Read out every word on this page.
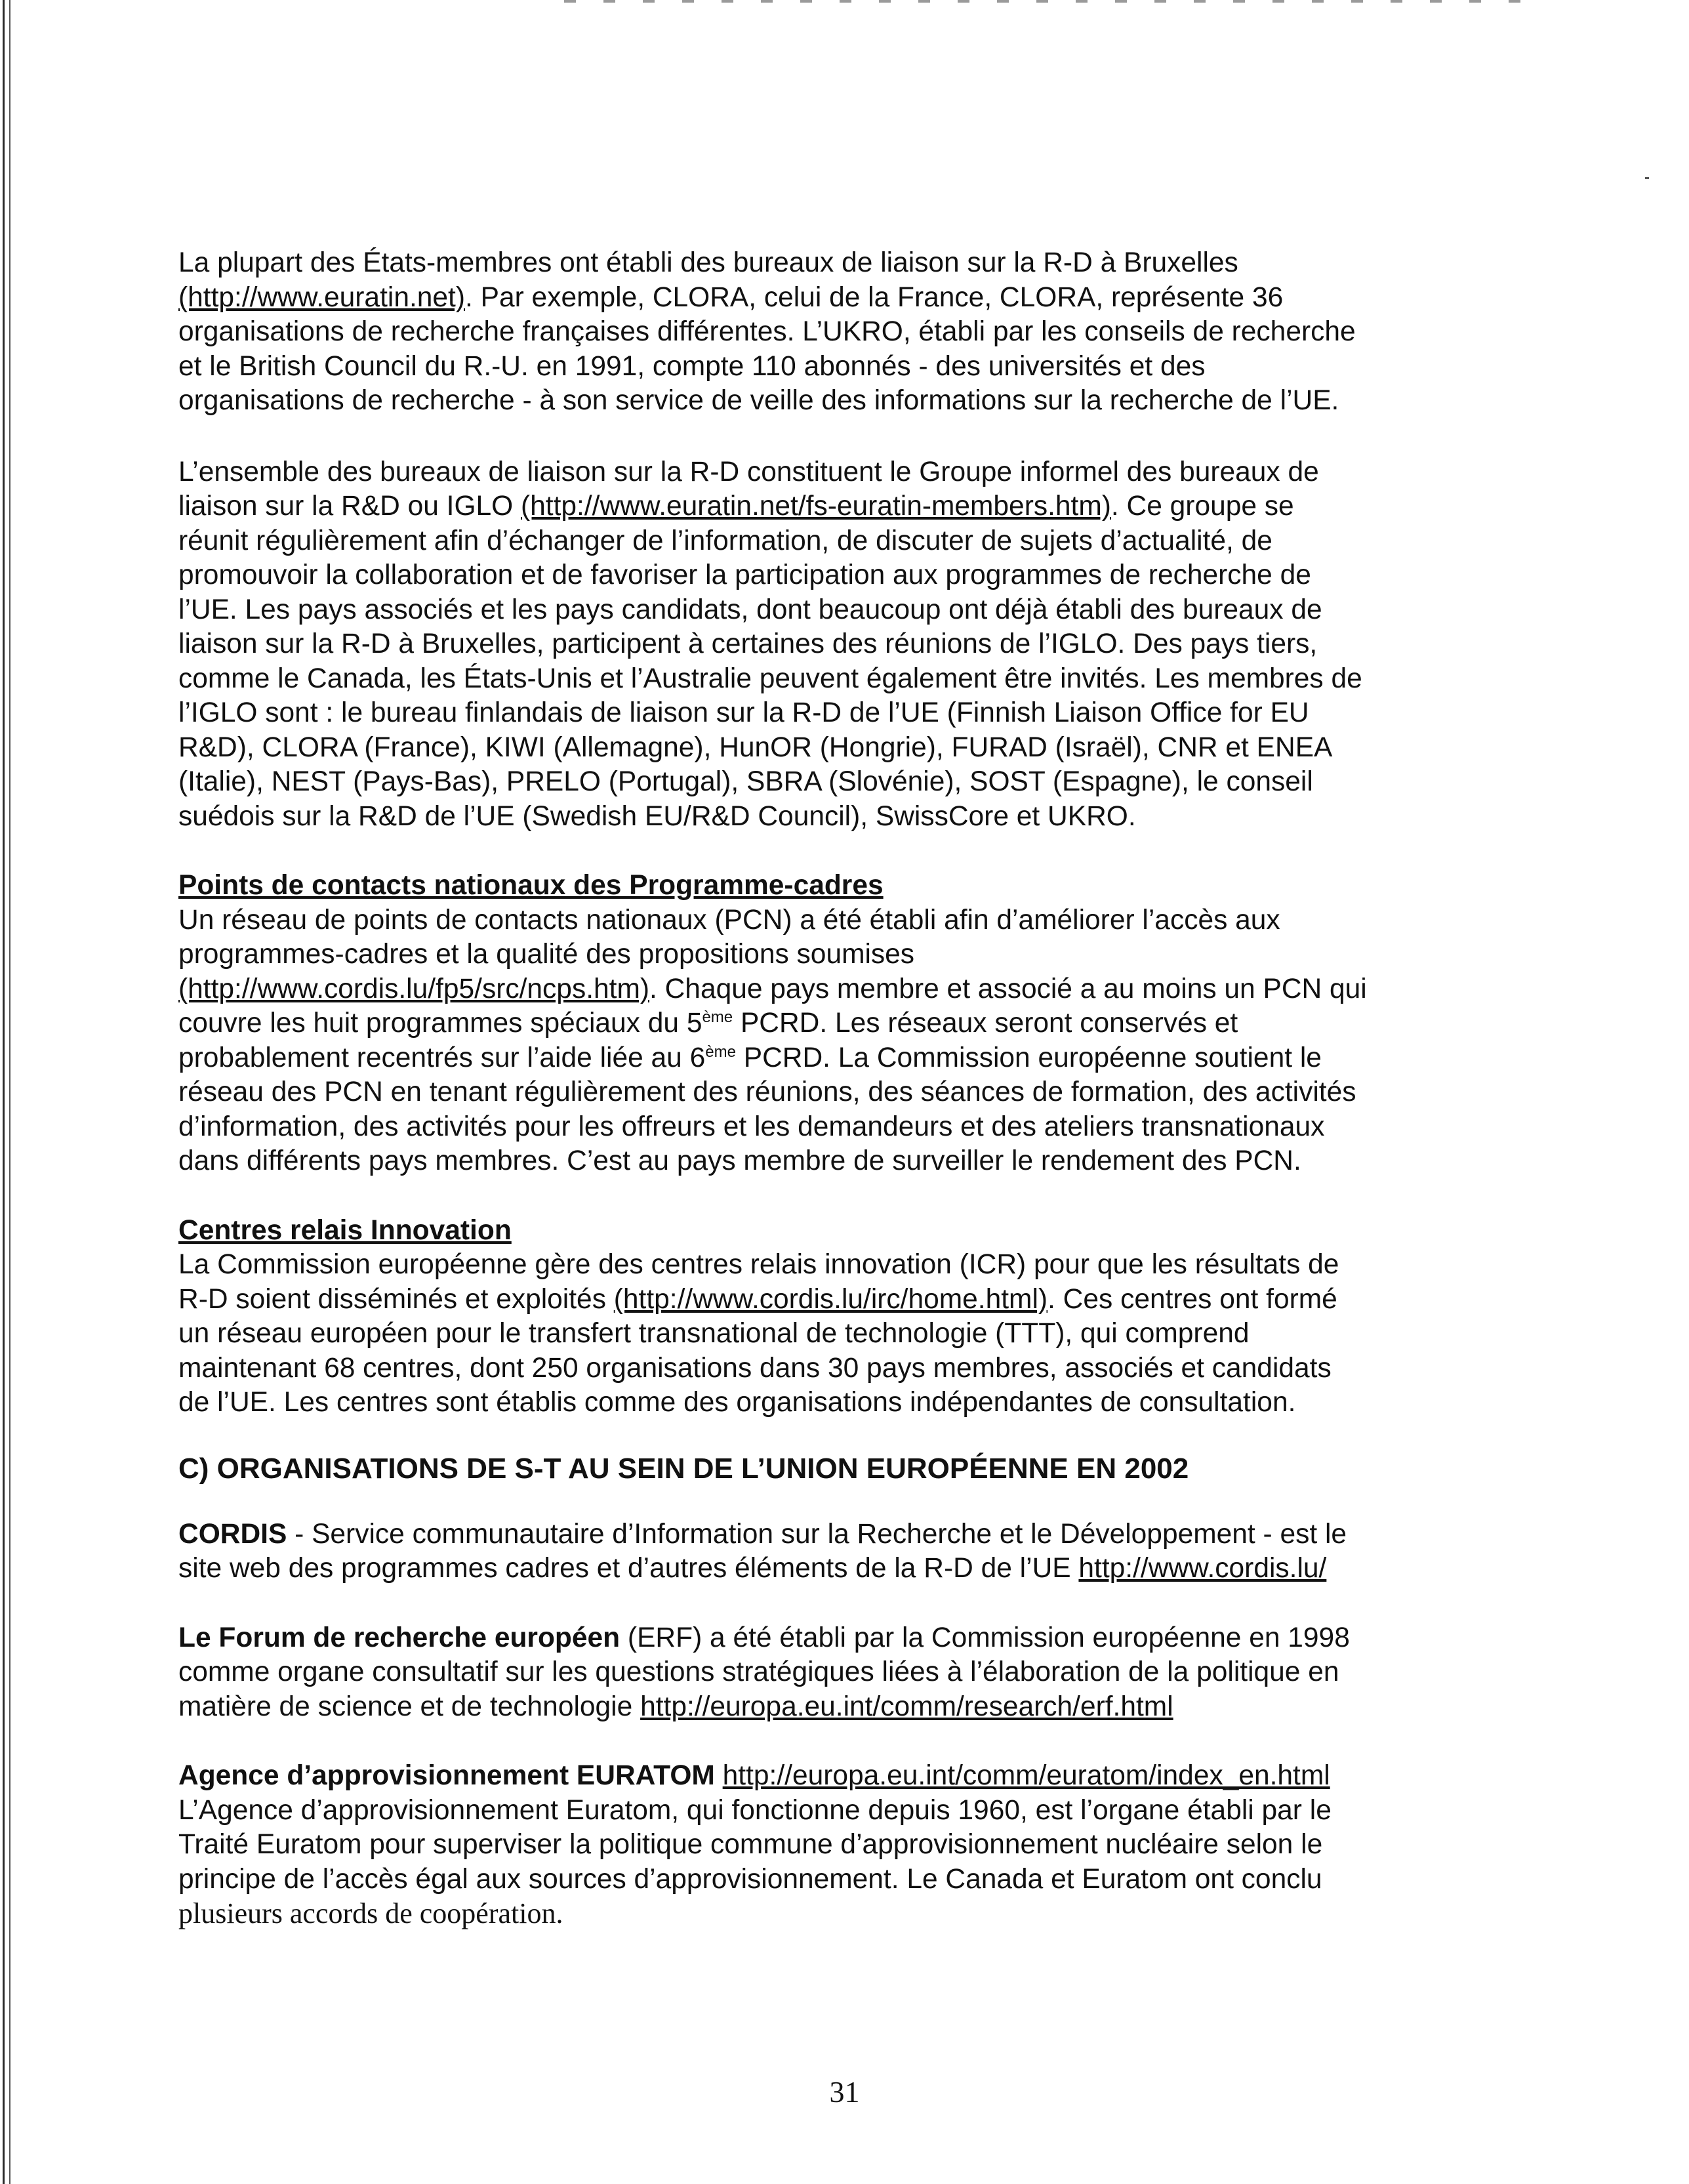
La plupart des États-membres ont établi des bureaux de liaison sur la R-D à Bruxelles
(http://www.euratin.net). Par exemple, CLORA, celui de la France, CLORA, représente 36
organisations de recherche françaises différentes. L’UKRO, établi par les conseils de recherche
et le British Council du R.-U. en 1991, compte 110 abonnés - des universités et des
organisations de recherche - à son service de veille des informations sur la recherche de l’UE.
L’ensemble des bureaux de liaison sur la R-D constituent le Groupe informel des bureaux de
liaison sur la R&D ou IGLO (http://www.euratin.net/fs-euratin-members.htm). Ce groupe se
réunit régulièrement afin d’échanger de l’information, de discuter de sujets d’actualité, de
promouvoir la collaboration et de favoriser la participation aux programmes de recherche de
l’UE. Les pays associés et les pays candidats, dont beaucoup ont déjà établi des bureaux de
liaison sur la R-D à Bruxelles, participent à certaines des réunions de l’IGLO. Des pays tiers,
comme le Canada, les États-Unis et l’Australie peuvent également être invités. Les membres de
l’IGLO sont : le bureau finlandais de liaison sur la R-D de l’UE (Finnish Liaison Office for EU
R&D), CLORA (France), KIWI (Allemagne), HunOR (Hongrie), FURAD (Israël), CNR et ENEA
(Italie), NEST (Pays-Bas), PRELO (Portugal), SBRA (Slovénie), SOST (Espagne), le conseil
suédois sur la R&D de l’UE (Swedish EU/R&D Council), SwissCore et UKRO.
Points de contacts nationaux des Programme-cadres
Un réseau de points de contacts nationaux (PCN) a été établi afin d’améliorer l’accès aux
programmes-cadres et la qualité des propositions soumises
(http://www.cordis.lu/fp5/src/ncps.htm). Chaque pays membre et associé a au moins un PCN qui
couvre les huit programmes spéciaux du 5ème PCRD. Les réseaux seront conservés et
probablement recentrés sur l’aide liée au 6ème PCRD. La Commission européenne soutient le
réseau des PCN en tenant régulièrement des réunions, des séances de formation, des activités
d’information, des activités pour les offreurs et les demandeurs et des ateliers transnationaux
dans différents pays membres. C’est au pays membre de surveiller le rendement des PCN.
Centres relais Innovation
La Commission européenne gère des centres relais innovation (ICR) pour que les résultats de
R-D soient disséminés et exploités (http://www.cordis.lu/irc/home.html). Ces centres ont formé
un réseau européen pour le transfert transnational de technologie (TTT), qui comprend
maintenant 68 centres, dont 250 organisations dans 30 pays membres, associés et candidats
de l’UE. Les centres sont établis comme des organisations indépendantes de consultation.
C) ORGANISATIONS DE S-T AU SEIN DE L’UNION EUROPÉENNE EN 2002
CORDIS - Service communautaire d’Information sur la Recherche et le Développement - est le
site web des programmes cadres et d’autres éléments de la R-D de l’UE http://www.cordis.lu/
Le Forum de recherche européen (ERF) a été établi par la Commission européenne en 1998
comme organe consultatif sur les questions stratégiques liées à l’élaboration de la politique en
matière de science et de technologie http://europa.eu.int/comm/research/erf.html
Agence d’approvisionnement EURATOM http://europa.eu.int/comm/euratom/index_en.html
L’Agence d’approvisionnement Euratom, qui fonctionne depuis 1960, est l’organe établi par le
Traité Euratom pour superviser la politique commune d’approvisionnement nucléaire selon le
principe de l’accès égal aux sources d’approvisionnement. Le Canada et Euratom ont conclu
plusieurs accords de coopération.
31
